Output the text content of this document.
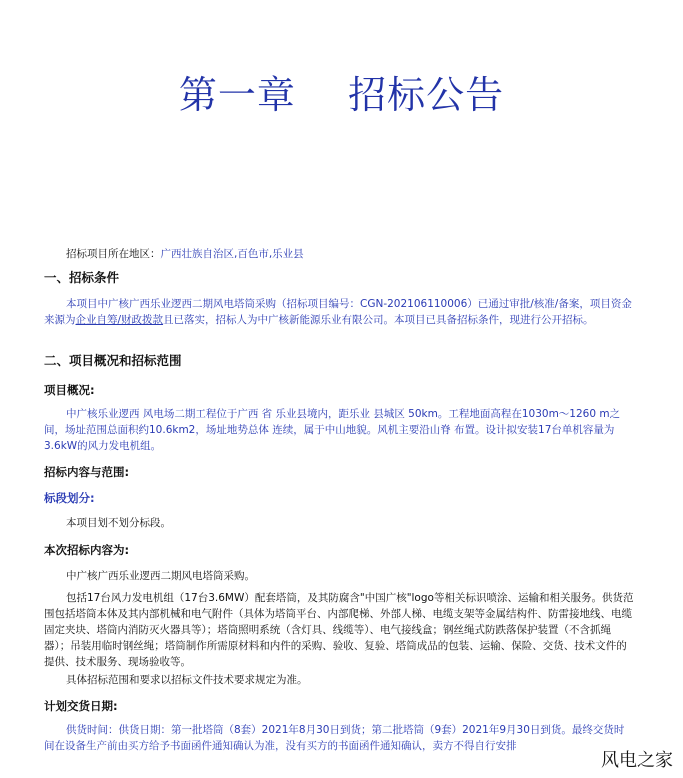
第一章    招标公告
招标项目所在地区：广西壮族自治区,百色市,乐业县
一、招标条件
本项目中广核广西乐业逻西二期风电塔筒采购（招标项目编号：CGN-202106110006）已通过审批/核准/备案，项目资金来源为企业自筹/财政拨款且已落实，招标人为中广核新能源乐业有限公司。本项目已具备招标条件，现进行公开招标。
二、项目概况和招标范围
项目概况:
中广核乐业逻西 风电场二期工程位于广西 省 乐业县境内，距乐业 县城区 50km。工程地面高程在1030m～1260 m之间，场址范围总面积约10.6km2，场址地势总体 连续，属于中山地貌。风机主要沿山脊 布置。设计拟安装17台单机容量为3.6kW的风力发电机组。
招标内容与范围:
标段划分:
本项目划不划分标段。
本次招标内容为:
中广核广西乐业逻西二期风电塔筒采购。
包括17台风力发电机组（17台3.6MW）配套塔筒，及其防腐含"中国广核"logo等相关标识喷涂、运输和相关服务。供货范围包括塔筒本体及其内部机械和电气附件（具体为塔筒平台、内部爬梯、外部人梯、电缆支架等金属结构件、防雷接地线、电缆固定夹块、塔筒内消防灭火器具等）；塔筒照明系统（含灯具、线缆等）、电气接线盒；钢丝绳式防跌落保护装置（不含抓绳器）；吊装用临时钢丝绳；塔筒制作所需原材料和内件的采购、验收、复验、塔筒成品的包装、运输、保险、交货、技术文件的提供、技术服务、现场验收等。
具体招标范围和要求以招标文件技术要求规定为准。
计划交货日期:
供货时间：供货日期：第一批塔筒（8套）2021年8月30日到货；第二批塔筒（9套）2021年9月30日到货。最终交货时间在设备生产前由买方给予书面函件通知确认为准，没有买方的书面函件通知确认，卖方不得自行安排
风电之家
